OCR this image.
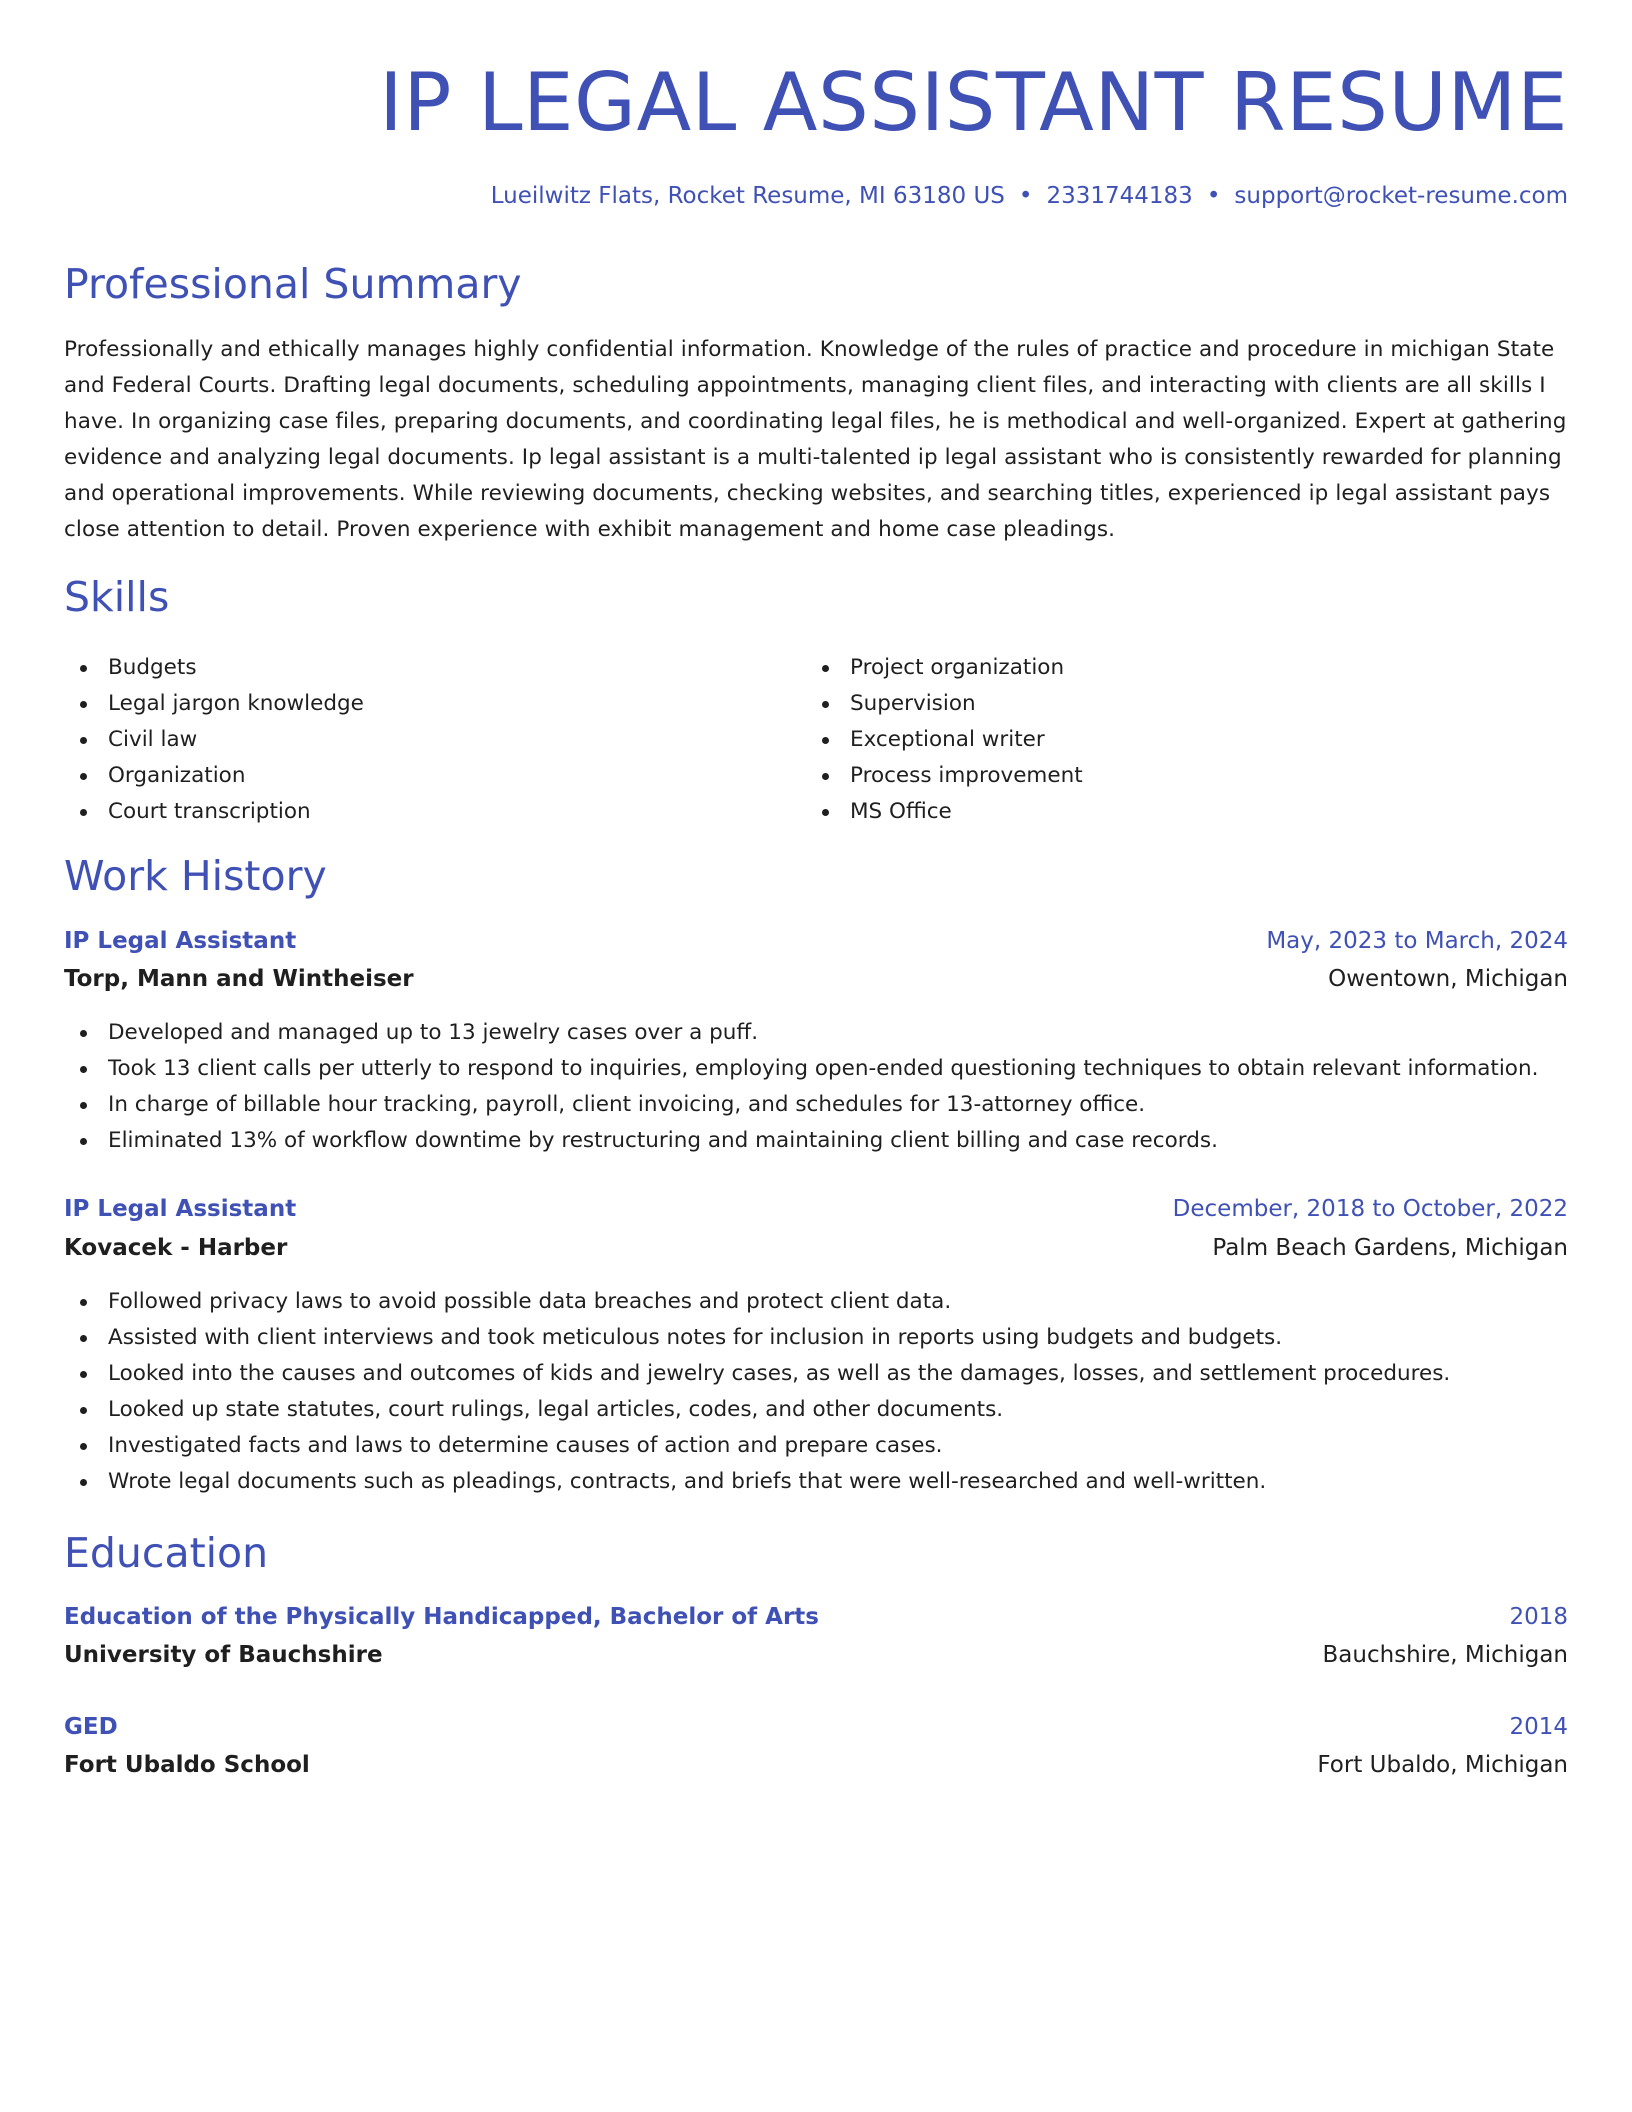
IP LEGAL ASSISTANT RESUME
Lueilwitz Flats, Rocket Resume, MI 63180 US • 2331744183 • support@rocket-resume.com
Professional Summary

Professionally and ethically manages highly confidential information. Knowledge of the rules of practice and procedure in michigan State and Federal Courts. Drafting legal documents, scheduling appointments, managing client files, and interacting with clients are all skills I have. In organizing case files, preparing documents, and coordinating legal files, he is methodical and well-organized. Expert at gathering evidence and analyzing legal documents. Ip legal assistant is a multi-talented ip legal assistant who is consistently rewarded for planning and operational improvements. While reviewing documents, checking websites, and searching titles, experienced ip legal assistant pays close attention to detail. Proven experience with exhibit management and home case pleadings.

Skills
Budgets
Legal jargon knowledge
Civil law
Organization
Court transcription
Project organization
Supervision
Exceptional writer
Process improvement
MS Office
Work History
IP Legal Assistant	May, 2023 to March, 2024
Torp, Mann and Wintheiser	Owentown, Michigan
Developed and managed up to 13 jewelry cases over a puff.
Took 13 client calls per utterly to respond to inquiries, employing open-ended questioning techniques to obtain relevant information.
In charge of billable hour tracking, payroll, client invoicing, and schedules for 13-attorney office.
Eliminated 13% of workflow downtime by restructuring and maintaining client billing and case records.
IP Legal Assistant	December, 2018 to October, 2022
Kovacek - Harber	Palm Beach Gardens, Michigan
Followed privacy laws to avoid possible data breaches and protect client data.
Assisted with client interviews and took meticulous notes for inclusion in reports using budgets and budgets.
Looked into the causes and outcomes of kids and jewelry cases, as well as the damages, losses, and settlement procedures.
Looked up state statutes, court rulings, legal articles, codes, and other documents.
Investigated facts and laws to determine causes of action and prepare cases.
Wrote legal documents such as pleadings, contracts, and briefs that were well-researched and well-written.
Education
Education of the Physically Handicapped, Bachelor of Arts	2018
University of Bauchshire	Bauchshire, Michigan
GED	2014
Fort Ubaldo School	Fort Ubaldo, Michigan
